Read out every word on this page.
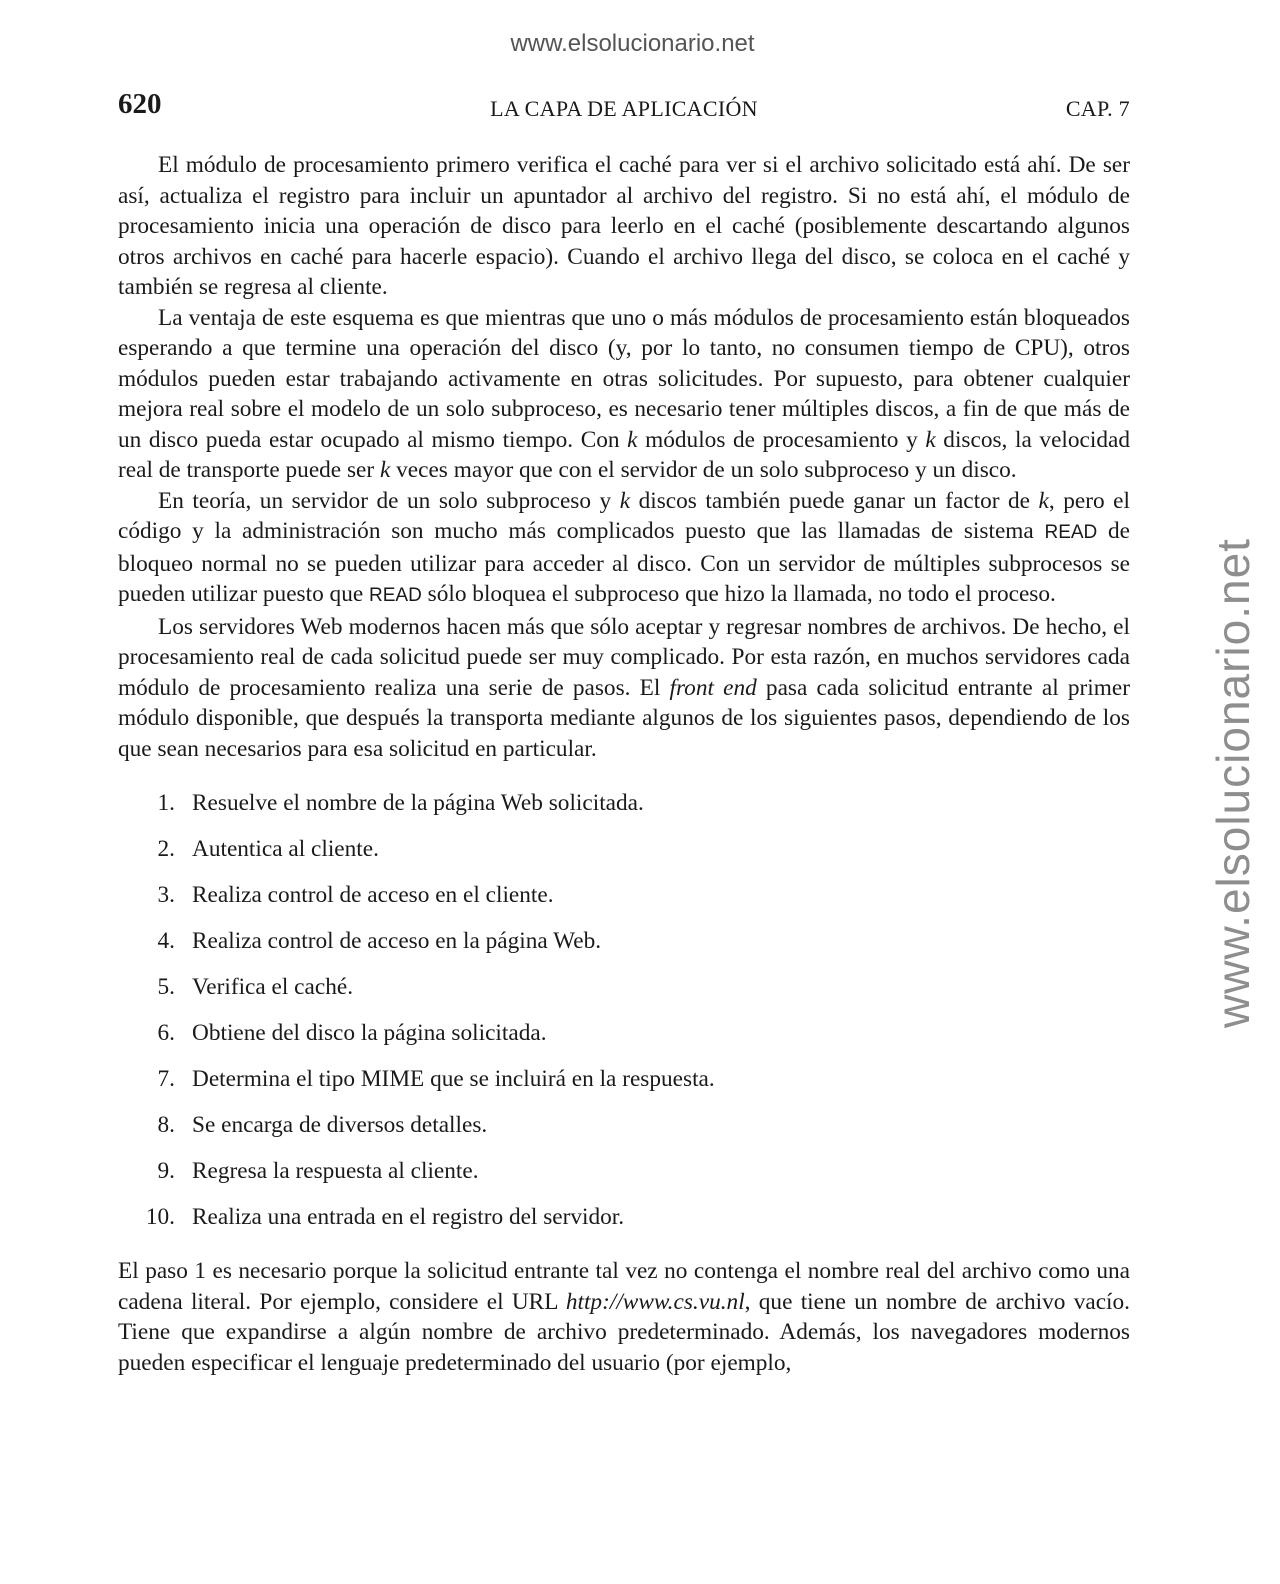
www.elsolucionario.net
www.elsolucionario.net
620	LA CAPA DE APLICACIÓN	CAP. 7

El módulo de procesamiento primero verifica el caché para ver si el archivo solicitado está ahí. De ser así, actualiza el registro para incluir un apuntador al archivo del registro. Si no está ahí, el módulo de procesamiento inicia una operación de disco para leerlo en el caché (posiblemente descartando algunos otros archivos en caché para hacerle espacio). Cuando el archivo llega del disco, se coloca en el caché y también se regresa al cliente.

La ventaja de este esquema es que mientras que uno o más módulos de procesamiento están bloqueados esperando a que termine una operación del disco (y, por lo tanto, no consumen tiempo de CPU), otros módulos pueden estar trabajando activamente en otras solicitudes. Por supuesto, para obtener cualquier mejora real sobre el modelo de un solo subproceso, es necesario tener múltiples discos, a fin de que más de un disco pueda estar ocupado al mismo tiempo. Con k módulos de procesamiento y k discos, la velocidad real de transporte puede ser k veces mayor que con el servidor de un solo subproceso y un disco.

En teoría, un servidor de un solo subproceso y k discos también puede ganar un factor de k, pero el código y la administración son mucho más complicados puesto que las llamadas de sistema READ de bloqueo normal no se pueden utilizar para acceder al disco. Con un servidor de múltiples subprocesos se pueden utilizar puesto que READ sólo bloquea el subproceso que hizo la llamada, no todo el proceso.

Los servidores Web modernos hacen más que sólo aceptar y regresar nombres de archivos. De hecho, el procesamiento real de cada solicitud puede ser muy complicado. Por esta razón, en muchos servidores cada módulo de procesamiento realiza una serie de pasos. El front end pasa cada solicitud entrante al primer módulo disponible, que después la transporta mediante algunos de los siguientes pasos, dependiendo de los que sean necesarios para esa solicitud en particular.

1. Resuelve el nombre de la página Web solicitada.
2. Autentica al cliente.
3. Realiza control de acceso en el cliente.
4. Realiza control de acceso en la página Web.
5. Verifica el caché.
6. Obtiene del disco la página solicitada.
7. Determina el tipo MIME que se incluirá en la respuesta.
8. Se encarga de diversos detalles.
9. Regresa la respuesta al cliente.
10. Realiza una entrada en el registro del servidor.

El paso 1 es necesario porque la solicitud entrante tal vez no contenga el nombre real del archivo como una cadena literal. Por ejemplo, considere el URL http://www.cs.vu.nl, que tiene un nombre de archivo vacío. Tiene que expandirse a algún nombre de archivo predeterminado. Además, los navegadores modernos pueden especificar el lenguaje predeterminado del usuario (por ejemplo,
